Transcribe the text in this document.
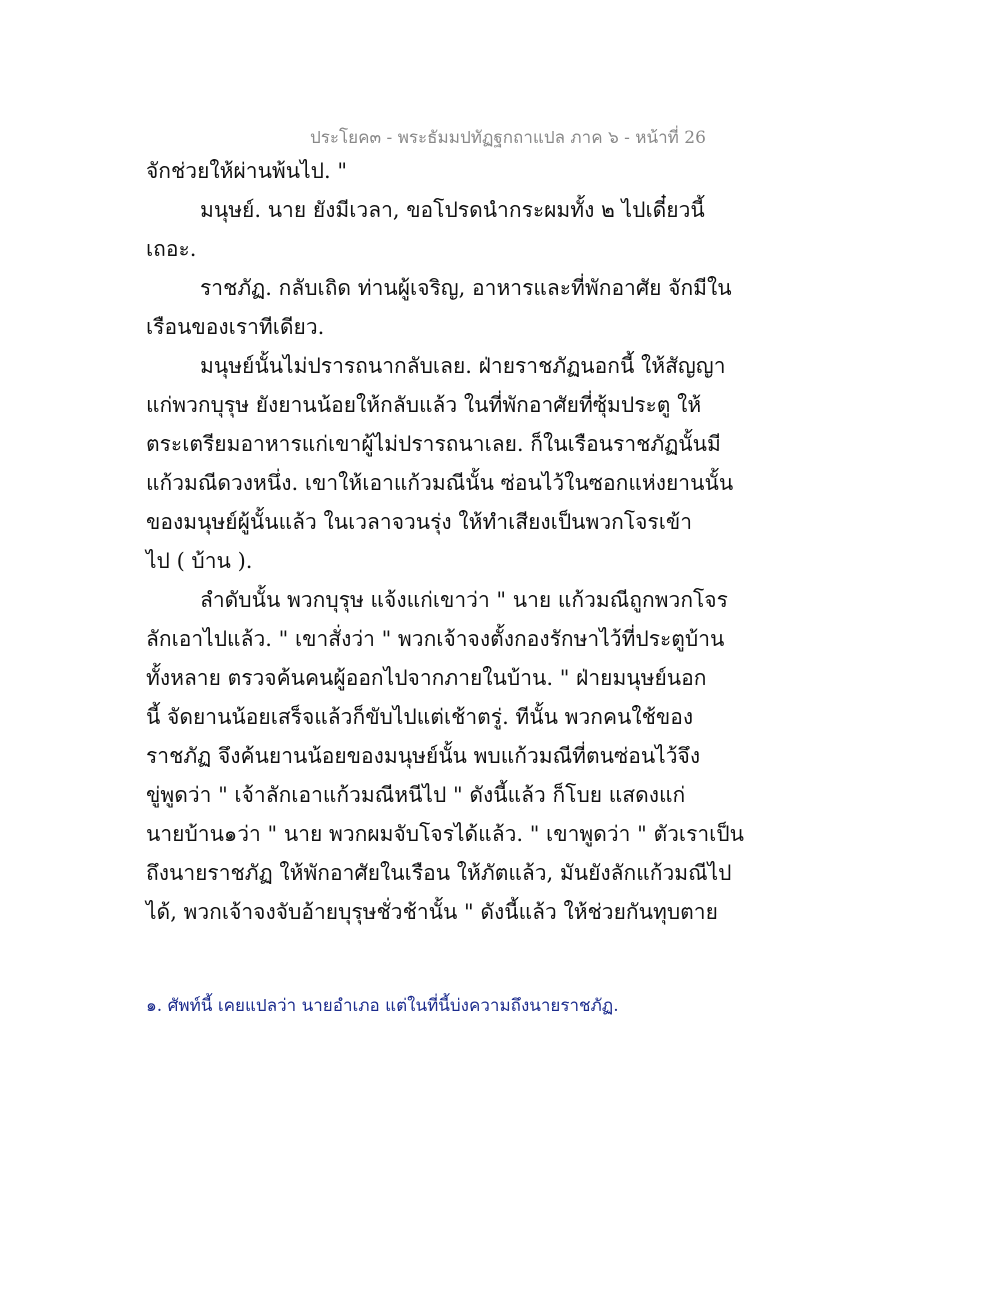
ประโยค๓ - พระธัมมปทัฏฐกถาแปล ภาค ๖ - หน้าที่ 26
จักช่วยให้ผ่านพ้นไป. "
มนุษย์. นาย ยังมีเวลา, ขอโปรดนำกระผมทั้ง ๒ ไปเดี๋ยวนี้
เถอะ.
ราชภัฏ. กลับเถิด ท่านผู้เจริญ, อาหารและที่พักอาศัย จักมีใน
เรือนของเราทีเดียว.
มนุษย์นั้นไม่ปรารถนากลับเลย. ฝ่ายราชภัฏนอกนี้ ให้สัญญา
แก่พวกบุรุษ ยังยานน้อยให้กลับแล้ว ในที่พักอาศัยที่ซุ้มประตู ให้
ตระเตรียมอาหารแก่เขาผู้ไม่ปรารถนาเลย. ก็ในเรือนราชภัฏนั้นมี
แก้วมณีดวงหนึ่ง. เขาให้เอาแก้วมณีนั้น ซ่อนไว้ในซอกแห่งยานนั้น
ของมนุษย์ผู้นั้นแล้ว ในเวลาจวนรุ่ง ให้ทำเสียงเป็นพวกโจรเข้า
ไป ( บ้าน ).
ลำดับนั้น พวกบุรุษ แจ้งแก่เขาว่า " นาย แก้วมณีถูกพวกโจร
ลักเอาไปแล้ว. " เขาสั่งว่า " พวกเจ้าจงตั้งกองรักษาไว้ที่ประตูบ้าน
ทั้งหลาย ตรวจค้นคนผู้ออกไปจากภายในบ้าน. " ฝ่ายมนุษย์นอก
นี้ จัดยานน้อยเสร็จแล้วก็ขับไปแต่เช้าตรู่. ทีนั้น พวกคนใช้ของ
ราชภัฏ จึงค้นยานน้อยของมนุษย์นั้น พบแก้วมณีที่ตนซ่อนไว้จึง
ขู่พูดว่า " เจ้าลักเอาแก้วมณีหนีไป " ดังนี้แล้ว ก็โบย แสดงแก่
นายบ้าน๑ว่า " นาย พวกผมจับโจรได้แล้ว. " เขาพูดว่า " ตัวเราเป็น
ถึงนายราชภัฏ ให้พักอาศัยในเรือน ให้ภัตแล้ว, มันยังลักแก้วมณีไป
ได้, พวกเจ้าจงจับอ้ายบุรุษชั่วช้านั้น " ดังนี้แล้ว ให้ช่วยกันทุบตาย
๑. ศัพท์นี้ เคยแปลว่า นายอำเภอ แต่ในที่นี้บ่งความถึงนายราชภัฏ.
